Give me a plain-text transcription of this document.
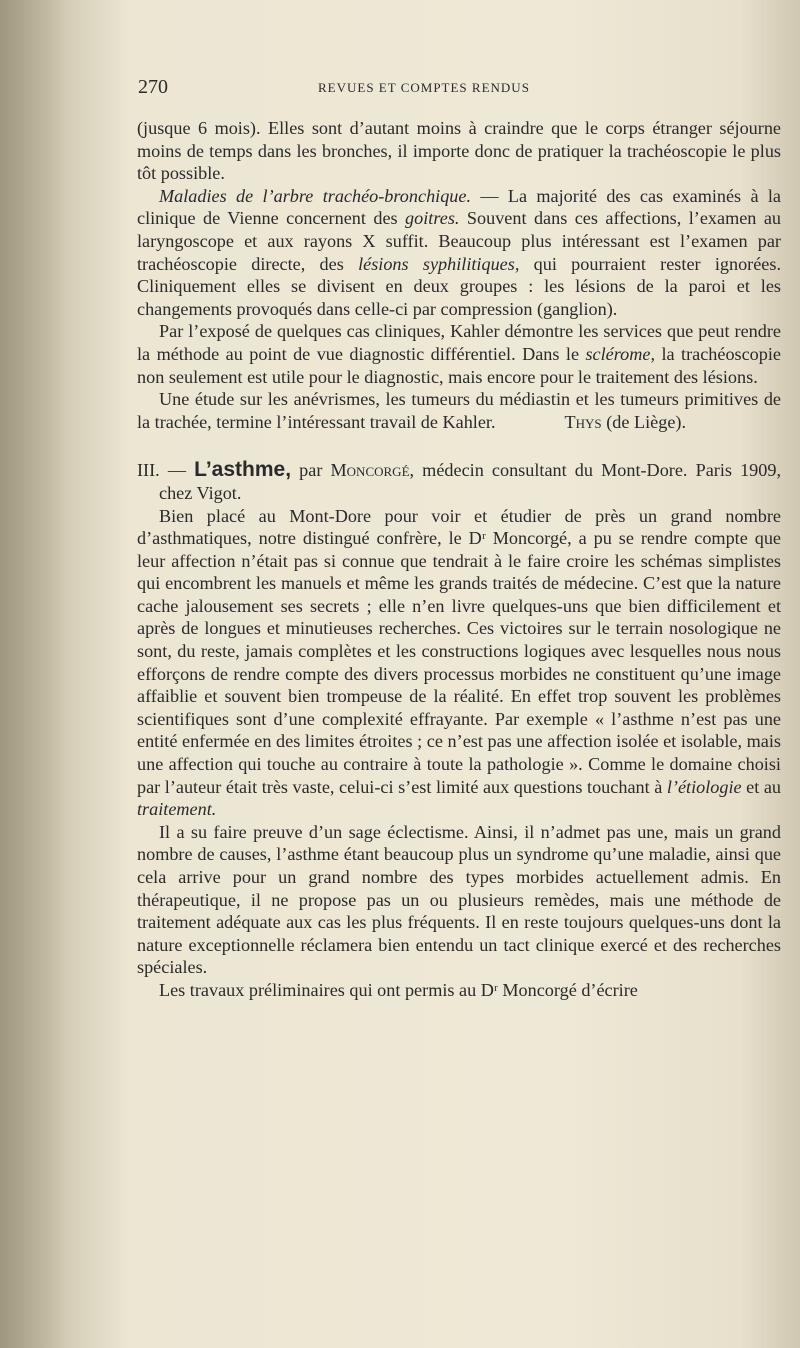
270	REVUES ET COMPTES RENDUS

(jusque 6 mois). Elles sont d’autant moins à craindre que le corps étranger séjourne moins de temps dans les bronches, il importe donc de pratiquer la trachéoscopie le plus tôt possible.

Maladies de l’arbre trachéo-bronchique. — La majorité des cas examinés à la clinique de Vienne concernent des goitres. Souvent dans ces affections, l’examen au laryngoscope et aux rayons X suffit. Beaucoup plus intéressant est l’examen par trachéoscopie directe, des lésions syphilitiques, qui pourraient rester ignorées. Cliniquement elles se divisent en deux groupes : les lésions de la paroi et les changements provoqués dans celle-ci par compression (ganglion).

Par l’exposé de quelques cas cliniques, Kahler démontre les services que peut rendre la méthode au point de vue diagnostic différentiel. Dans le sclérome, la trachéoscopie non seulement est utile pour le diagnostic, mais encore pour le traitement des lésions.

Une étude sur les anévrismes, les tumeurs du médiastin et les tumeurs primitives de la trachée, termine l’intéressant travail de Kahler.	Thys (de Liège).

III. — L’asthme, par Moncorgé, médecin consultant du Mont-Dore. Paris 1909, chez Vigot.

Bien placé au Mont-Dore pour voir et étudier de près un grand nombre d’asthmatiques, notre distingué confrère, le Dʳ Moncorgé, a pu se rendre compte que leur affection n’était pas si connue que tendrait à le faire croire les schémas simplistes qui encombrent les manuels et même les grands traités de médecine. C’est que la nature cache jalousement ses secrets ; elle n’en livre quelques-uns que bien difficilement et après de longues et minutieuses recherches. Ces victoires sur le terrain nosologique ne sont, du reste, jamais complètes et les constructions logiques avec lesquelles nous nous efforçons de rendre compte des divers processus morbides ne constituent qu’une image affaiblie et souvent bien trompeuse de la réalité. En effet trop souvent les problèmes scientifiques sont d’une complexité effrayante. Par exemple « l’asthme n’est pas une entité enfermée en des limites étroites ; ce n’est pas une affection isolée et isolable, mais une affection qui touche au contraire à toute la pathologie ». Comme le domaine choisi par l’auteur était très vaste, celui-ci s’est limité aux questions touchant à l’étiologie et au traitement.

Il a su faire preuve d’un sage éclectisme. Ainsi, il n’admet pas une, mais un grand nombre de causes, l’asthme étant beaucoup plus un syndrome qu’une maladie, ainsi que cela arrive pour un grand nombre des types morbides actuellement admis. En thérapeutique, il ne propose pas un ou plusieurs remèdes, mais une méthode de traitement adéquate aux cas les plus fréquents. Il en reste toujours quelques-uns dont la nature exceptionnelle réclamera bien entendu un tact clinique exercé et des recherches spéciales.

Les travaux préliminaires qui ont permis au Dʳ Moncorgé d’écrire
